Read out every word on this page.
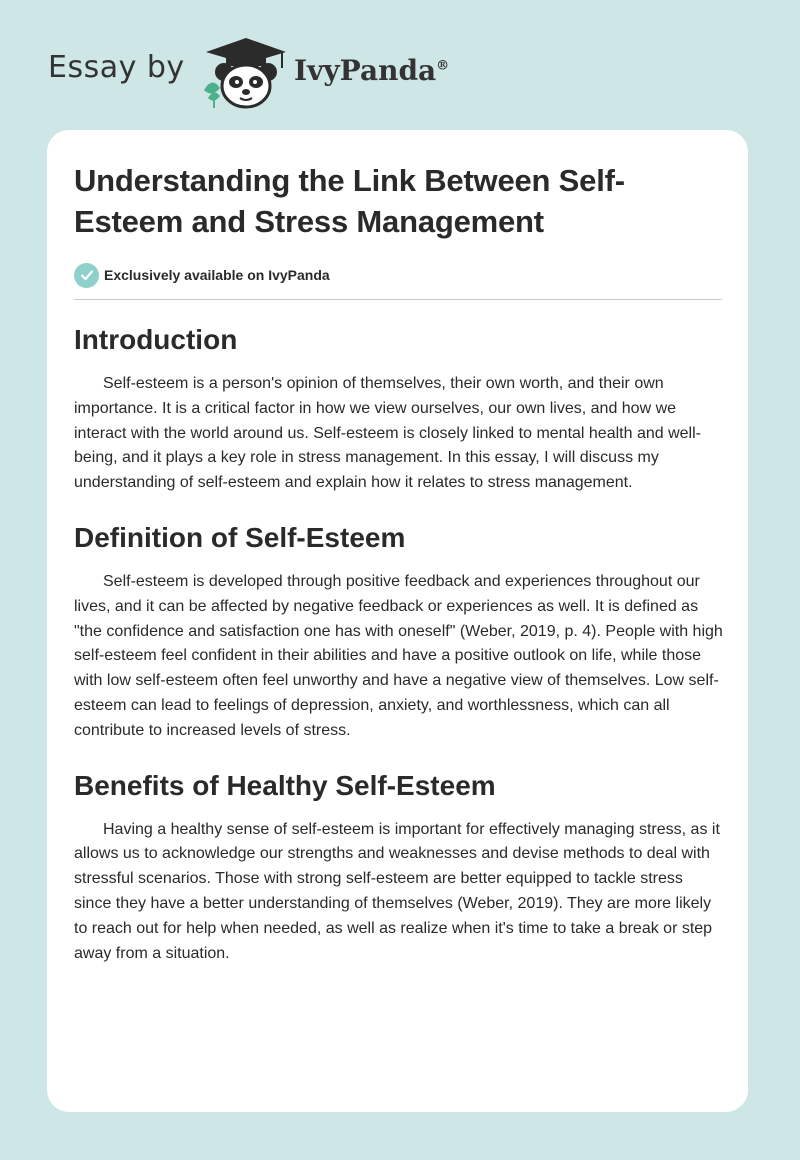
Essay by	IvyPanda®
Understanding the Link Between Self-Esteem and Stress Management
Exclusively available on IvyPanda
Introduction

Self-esteem is a person's opinion of themselves, their own worth, and their own importance. It is a critical factor in how we view ourselves, our own lives, and how we interact with the world around us. Self-esteem is closely linked to mental health and well-being, and it plays a key role in stress management. In this essay, I will discuss my understanding of self-esteem and explain how it relates to stress management.

Definition of Self-Esteem

Self-esteem is developed through positive feedback and experiences throughout our lives, and it can be affected by negative feedback or experiences as well. It is defined as "the confidence and satisfaction one has with oneself" (Weber, 2019, p. 4). People with high self-esteem feel confident in their abilities and have a positive outlook on life, while those with low self-esteem often feel unworthy and have a negative view of themselves. Low self-esteem can lead to feelings of depression, anxiety, and worthlessness, which can all contribute to increased levels of stress.

Benefits of Healthy Self-Esteem

Having a healthy sense of self-esteem is important for effectively managing stress, as it allows us to acknowledge our strengths and weaknesses and devise methods to deal with stressful scenarios. Those with strong self-esteem are better equipped to tackle stress since they have a better understanding of themselves (Weber, 2019). They are more likely to reach out for help when needed, as well as realize when it's time to take a break or step away from a situation.
